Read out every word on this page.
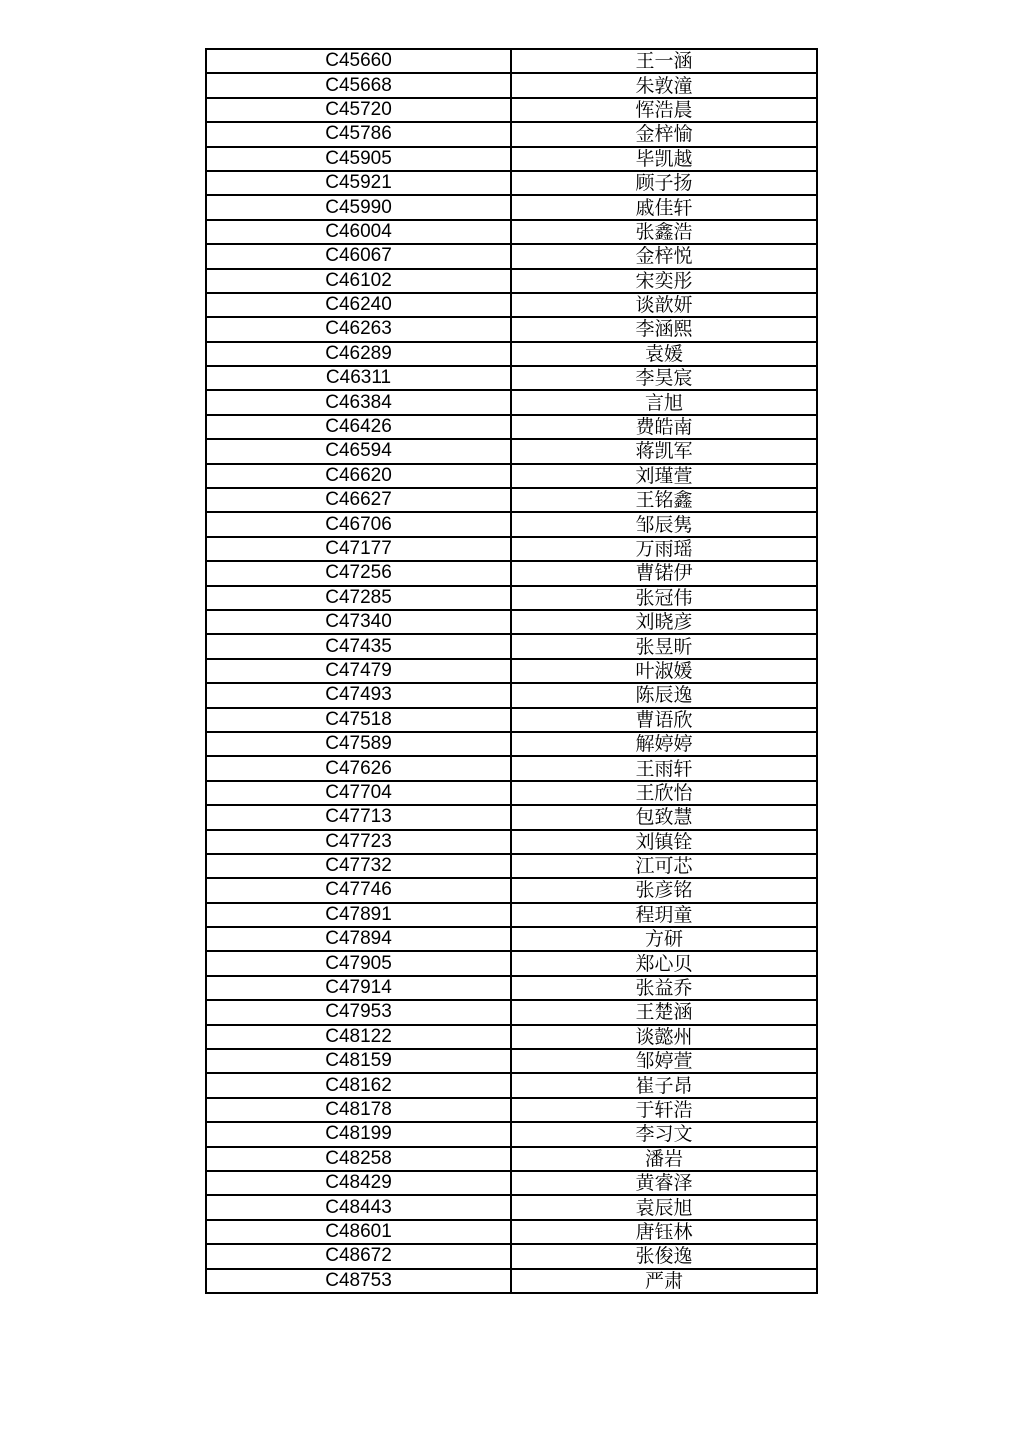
C45660	王一涵
C45668	朱敦潼
C45720	恽浩晨
C45786	金梓愉
C45905	毕凯越
C45921	顾子扬
C45990	戚佳轩
C46004	张鑫浩
C46067	金梓悦
C46102	宋奕彤
C46240	谈歆妍
C46263	李涵熙
C46289	袁媛
C46311	李昊宸
C46384	言旭
C46426	费皓南
C46594	蒋凯军
C46620	刘瑾萱
C46627	王铭鑫
C46706	邹辰隽
C47177	万雨瑶
C47256	曹锘伊
C47285	张冠伟
C47340	刘晓彦
C47435	张昱昕
C47479	叶淑媛
C47493	陈辰逸
C47518	曹语欣
C47589	解婷婷
C47626	王雨轩
C47704	王欣怡
C47713	包致慧
C47723	刘镇铨
C47732	江可芯
C47746	张彦铭
C47891	程玥童
C47894	方研
C47905	郑心贝
C47914	张益乔
C47953	王楚涵
C48122	谈懿州
C48159	邹婷萱
C48162	崔子昂
C48178	于轩浩
C48199	李习文
C48258	潘岩
C48429	黄睿泽
C48443	袁辰旭
C48601	唐钰林
C48672	张俊逸
C48753	严肃
